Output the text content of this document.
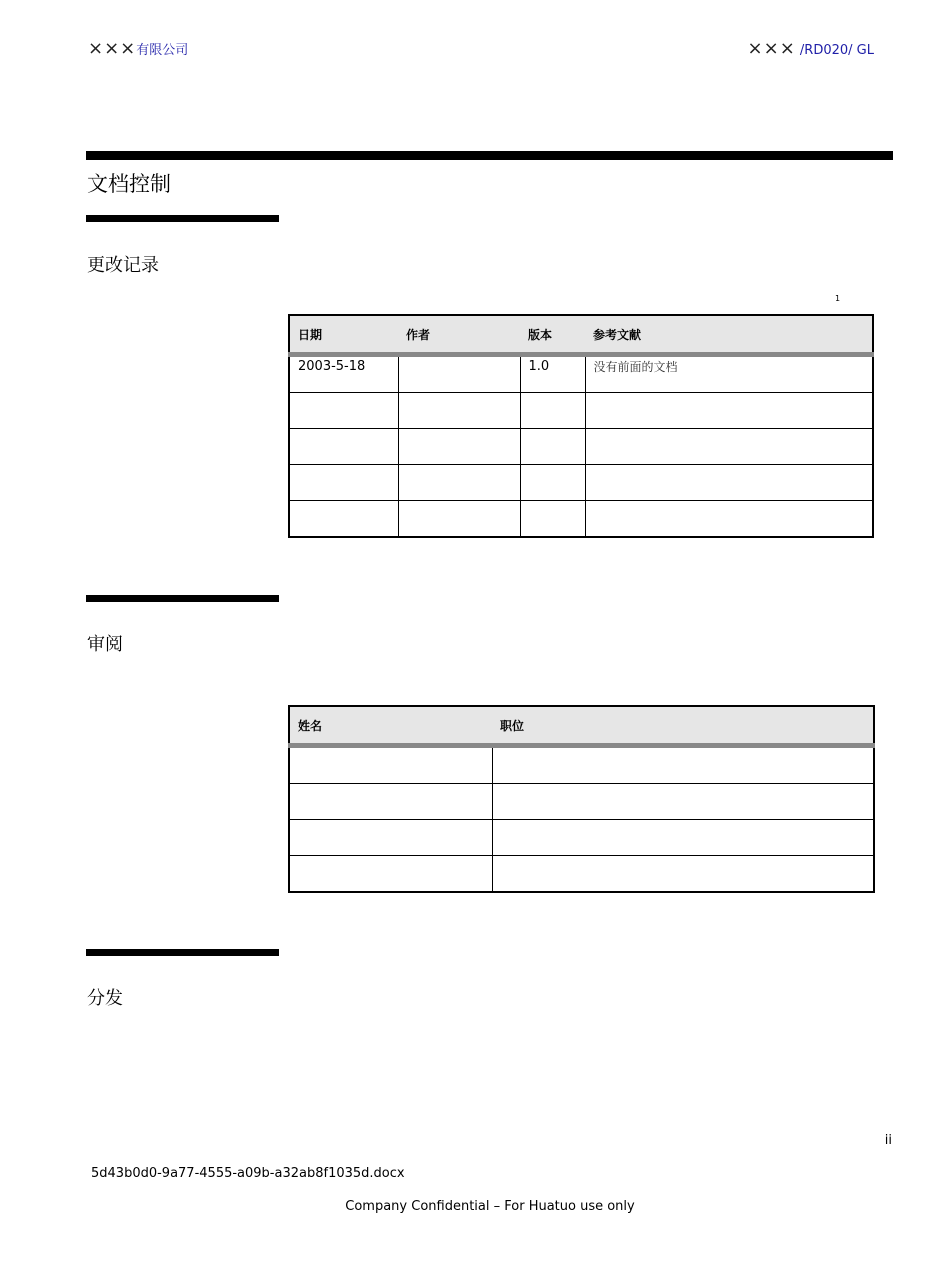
×××有限公司	××× /RD020/ GL
文档控制
更改记录
1
日期	作者	版本	参考文献
2003-5-18		1.0	没有前面的文档

审阅
姓名	职位

分发
ii
5d43b0d0-9a77-4555-a09b-a32ab8f1035d.docx
Company Confidential – For Huatuo use only
